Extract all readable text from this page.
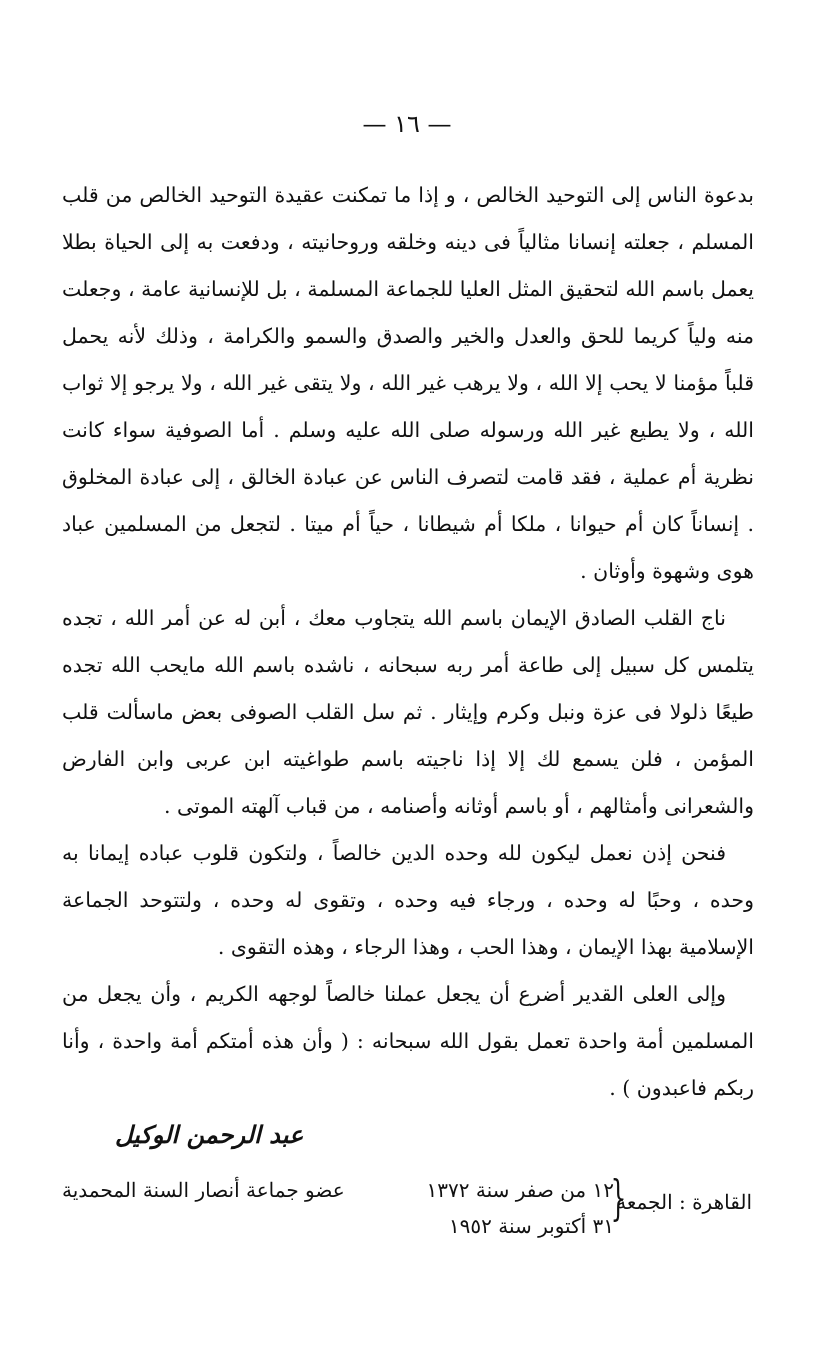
— ١٦ —

بدعوة الناس إلى التوحيد الخالص ، و إذا ما تمكنت عقيدة التوحيد الخالص من قلب المسلم ، جعلته إنسانا مثالياً فى دينه وخلقه وروحانيته ، ودفعت به إلى الحياة بطلا يعمل باسم الله لتحقيق المثل العليا للجماعة المسلمة ، بل للإنسانية عامة ، وجعلت منه ولياً كريما للحق والعدل والخير والصدق والسمو والكرامة ، وذلك لأنه يحمل قلباً مؤمنا لا يحب إلا الله ، ولا يرهب غير الله ، ولا يتقى غير الله ، ولا يرجو إلا ثواب الله ، ولا يطيع غير الله ورسوله صلى الله عليه وسلم . أما الصوفية سواء كانت نظرية أم عملية ، فقد قامت لتصرف الناس عن عبادة الخالق ، إلى عبادة المخلوق . إنساناً كان أم حيوانا ، ملكا أم شيطانا ، حياً أم ميتا . لتجعل من المسلمين عباد هوى وشهوة وأوثان .

ناج القلب الصادق الإيمان باسم الله يتجاوب معك ، أبن له عن أمر الله ، تجده يتلمس كل سبيل إلى طاعة أمر ربه سبحانه ، ناشده باسم الله مايحب الله تجده طيعًا ذلولا فى عزة ونبل وكرم وإيثار . ثم سل القلب الصوفى بعض ماسألت قلب المؤمن ، فلن يسمع لك إلا إذا ناجيته باسم طواغيته ابن عربى وابن الفارض والشعرانى وأمثالهم ، أو باسم أوثانه وأصنامه ، من قباب آلهته الموتى .

فنحن إذن نعمل ليكون لله وحده الدين خالصاً ، ولتكون قلوب عباده إيمانا به وحده ، وحبًا له وحده ، ورجاء فيه وحده ، وتقوى له وحده ، ولتتوحد الجماعة الإسلامية بهذا الإيمان ، وهذا الحب ، وهذا الرجاء ، وهذه التقوى .

وإلى العلى القدير أضرع أن يجعل عملنا خالصاً لوجهه الكريم ، وأن يجعل من المسلمين أمة واحدة تعمل بقول الله سبحانه : ( وأن هذه أمتكم أمة واحدة ، وأنا ربكم فاعبدون ) .

عبد الرحمن الوكيل
القاهرة : الجمعة
{
١٢ من صفر سنة ١٣٧٢
٣١ أكتوبر سنة ١٩٥٢
عضو جماعة أنصار السنة المحمدية
